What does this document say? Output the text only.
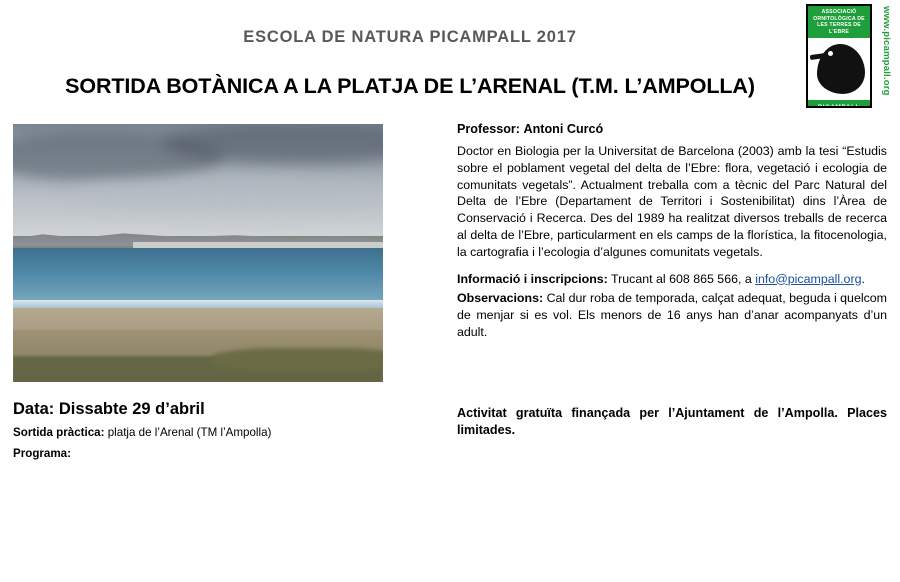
ESCOLA DE NATURA PICAMPALL 2017
SORTIDA BOTÀNICA A LA PLATJA DE L’ARENAL (T.M. L’AMPOLLA)
ASSOCIACIÓ ORNITOLÒGICA DE LES TERRES DE L'EBRE
PICAMPALL
www.picampall.org
Professor: Antoni Curcó
Doctor en Biologia per la Universitat de Barcelona (2003) amb la tesi “Estudis sobre el poblament vegetal del delta de l’Ebre: flora, vegetació i ecologia de comunitats vegetals”. Actualment treballa com a tècnic del Parc Natural del Delta de l’Ebre (Departament de Territori i Sostenibilitat) dins l’Àrea de Conservació i Recerca. Des del 1989 ha realitzat diversos treballs de recerca al delta de l’Ebre, particularment en els camps de la florística, la fitocenologia, la cartografia i l’ecologia d’algunes comunitats vegetals.
Informació i inscripcions: Trucant al 608 865 566, a info@picampall.org.
Observacions: Cal dur roba de temporada, calçat adequat, beguda i quelcom de menjar si es vol. Els menors de 16 anys han d’anar acompanyats d’un adult.
Activitat gratuïta finançada per l’Ajuntament de l’Ampolla. Places limitades.
Data: Dissabte 29 d’abril
Sortida pràctica: platja de l’Arenal (TM l’Ampolla)
Programa:
